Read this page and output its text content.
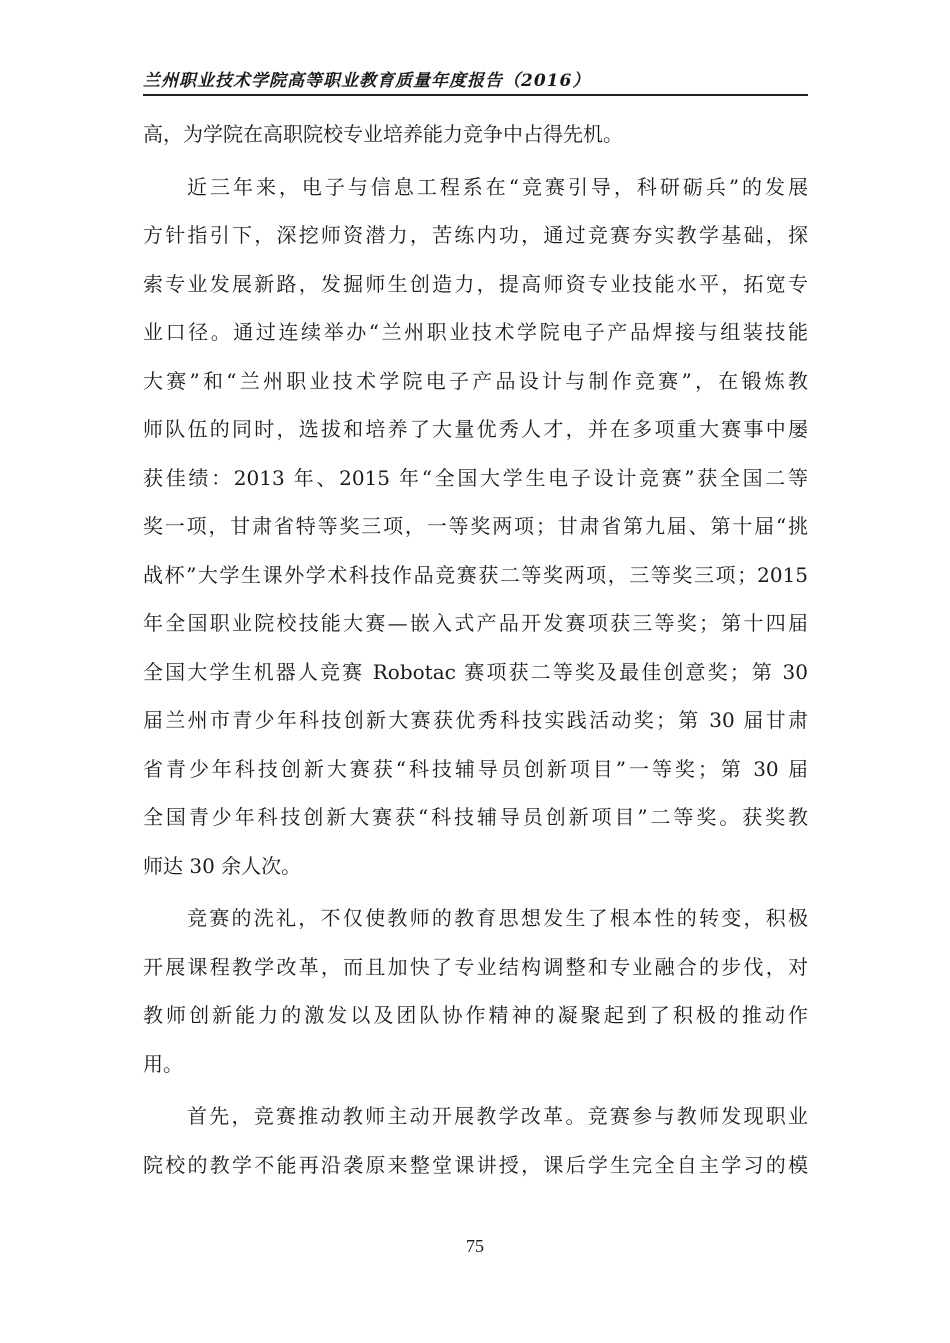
兰州职业技术学院高等职业教育质量年度报告（2016）
高，为学院在高职院校专业培养能力竞争中占得先机。
近三年来，电子与信息工程系在“竞赛引导，科研砺兵”的发展
方针指引下，深挖师资潜力，苦练内功，通过竞赛夯实教学基础，探
索专业发展新路，发掘师生创造力，提高师资专业技能水平，拓宽专
业口径。通过连续举办“兰州职业技术学院电子产品焊接与组装技能
大赛”和“兰州职业技术学院电子产品设计与制作竞赛”，在锻炼教
师队伍的同时，选拔和培养了大量优秀人才，并在多项重大赛事中屡
获佳绩：2013 年、2015 年“全国大学生电子设计竞赛”获全国二等
奖一项，甘肃省特等奖三项，一等奖两项；甘肃省第九届、第十届“挑
战杯”大学生课外学术科技作品竞赛获二等奖两项，三等奖三项；2015
年全国职业院校技能大赛—嵌入式产品开发赛项获三等奖；第十四届
全国大学生机器人竞赛 Robotac 赛项获二等奖及最佳创意奖；第 30
届兰州市青少年科技创新大赛获优秀科技实践活动奖；第 30 届甘肃
省青少年科技创新大赛获“科技辅导员创新项目”一等奖；第 30 届
全国青少年科技创新大赛获“科技辅导员创新项目”二等奖。获奖教
师达 30 余人次。
竞赛的洗礼，不仅使教师的教育思想发生了根本性的转变，积极
开展课程教学改革，而且加快了专业结构调整和专业融合的步伐，对
教师创新能力的激发以及团队协作精神的凝聚起到了积极的推动作
用。
首先，竞赛推动教师主动开展教学改革。竞赛参与教师发现职业
院校的教学不能再沿袭原来整堂课讲授，课后学生完全自主学习的模
75
